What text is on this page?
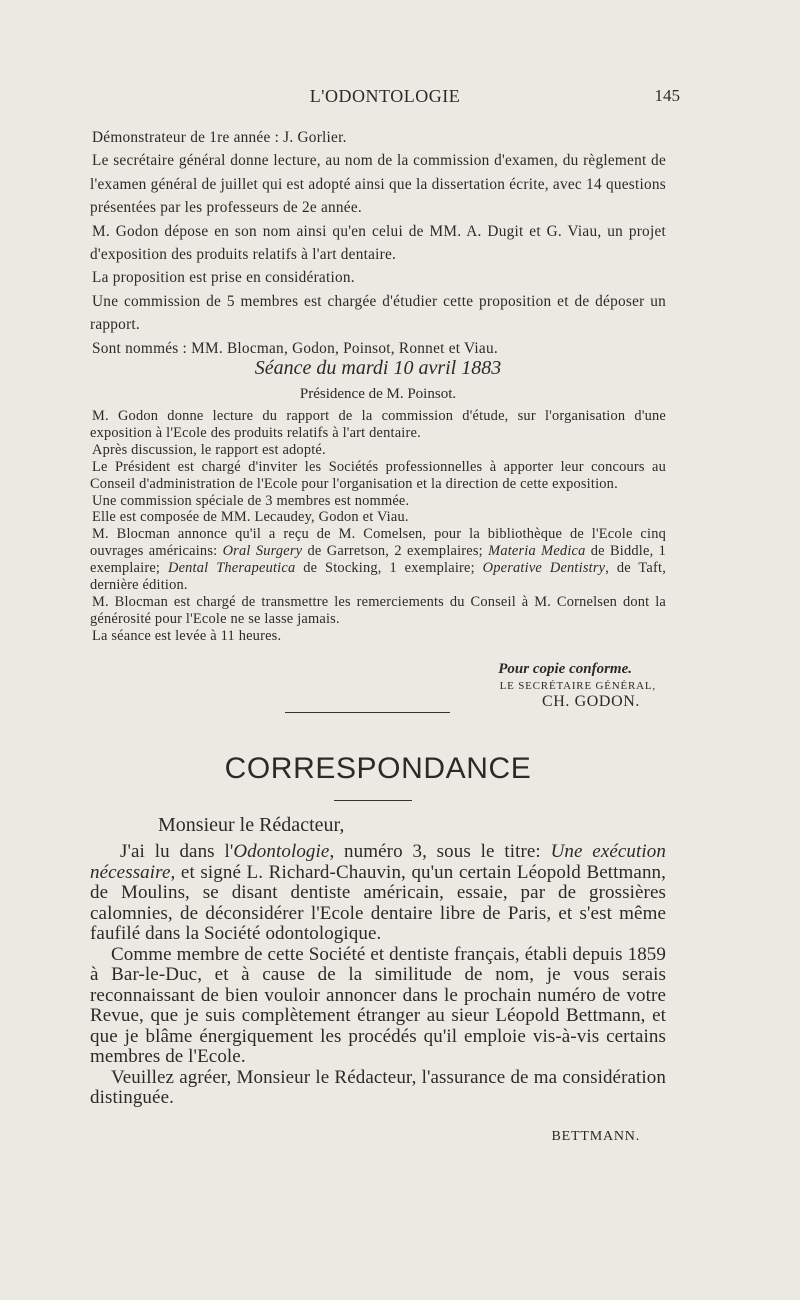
L'ODONTOLOGIE	145

Démonstrateur de 1re année : J. Gorlier.

Le secrétaire général donne lecture, au nom de la commission d'examen, du règlement de l'examen général de juillet qui est adopté ainsi que la dissertation écrite, avec 14 questions présentées par les professeurs de 2e année.

M. Godon dépose en son nom ainsi qu'en celui de MM. A. Dugit et G. Viau, un projet d'exposition des produits relatifs à l'art dentaire.

La proposition est prise en considération.

Une commission de 5 membres est chargée d'étudier cette proposition et de déposer un rapport.

Sont nommés : MM. Blocman, Godon, Poinsot, Ronnet et Viau.

Séance du mardi 10 avril 1883
Présidence de M. Poinsot.

M. Godon donne lecture du rapport de la commission d'étude, sur l'organisation d'une exposition à l'Ecole des produits relatifs à l'art dentaire.

Après discussion, le rapport est adopté.

Le Président est chargé d'inviter les Sociétés professionnelles à apporter leur concours au Conseil d'administration de l'Ecole pour l'organisation et la direction de cette exposition.

Une commission spéciale de 3 membres est nommée.

Elle est composée de MM. Lecaudey, Godon et Viau.

M. Blocman annonce qu'il a reçu de M. Comelsen, pour la bibliothèque de l'Ecole cinq ouvrages américains: Oral Surgery de Garretson, 2 exemplaires; Materia Medica de Biddle, 1 exemplaire; Dental Therapeutica de Stocking, 1 exemplaire; Operative Dentistry, de Taft, dernière édition.

M. Blocman est chargé de transmettre les remerciements du Conseil à M. Cornelsen dont la générosité pour l'Ecole ne se lasse jamais.

La séance est levée à 11 heures.

Pour copie conforme.
LE SECRÉTAIRE GÉNÉRAL,
CH. GODON.
CORRESPONDANCE
Monsieur le Rédacteur,

J'ai lu dans l'Odontologie, numéro 3, sous le titre: Une exécution nécessaire, et signé L. Richard-Chauvin, qu'un certain Léopold Bettmann, de Moulins, se disant dentiste américain, essaie, par de grossières calomnies, de déconsidérer l'Ecole dentaire libre de Paris, et s'est même faufilé dans la Société odontologique.

Comme membre de cette Société et dentiste français, établi depuis 1859 à Bar-le-Duc, et à cause de la similitude de nom, je vous serais reconnaissant de bien vouloir annoncer dans le prochain numéro de votre Revue, que je suis complètement étranger au sieur Léopold Bettmann, et que je blâme énergiquement les procédés qu'il emploie vis-à-vis certains membres de l'Ecole.

Veuillez agréer, Monsieur le Rédacteur, l'assurance de ma considération distinguée.

BETTMANN.
